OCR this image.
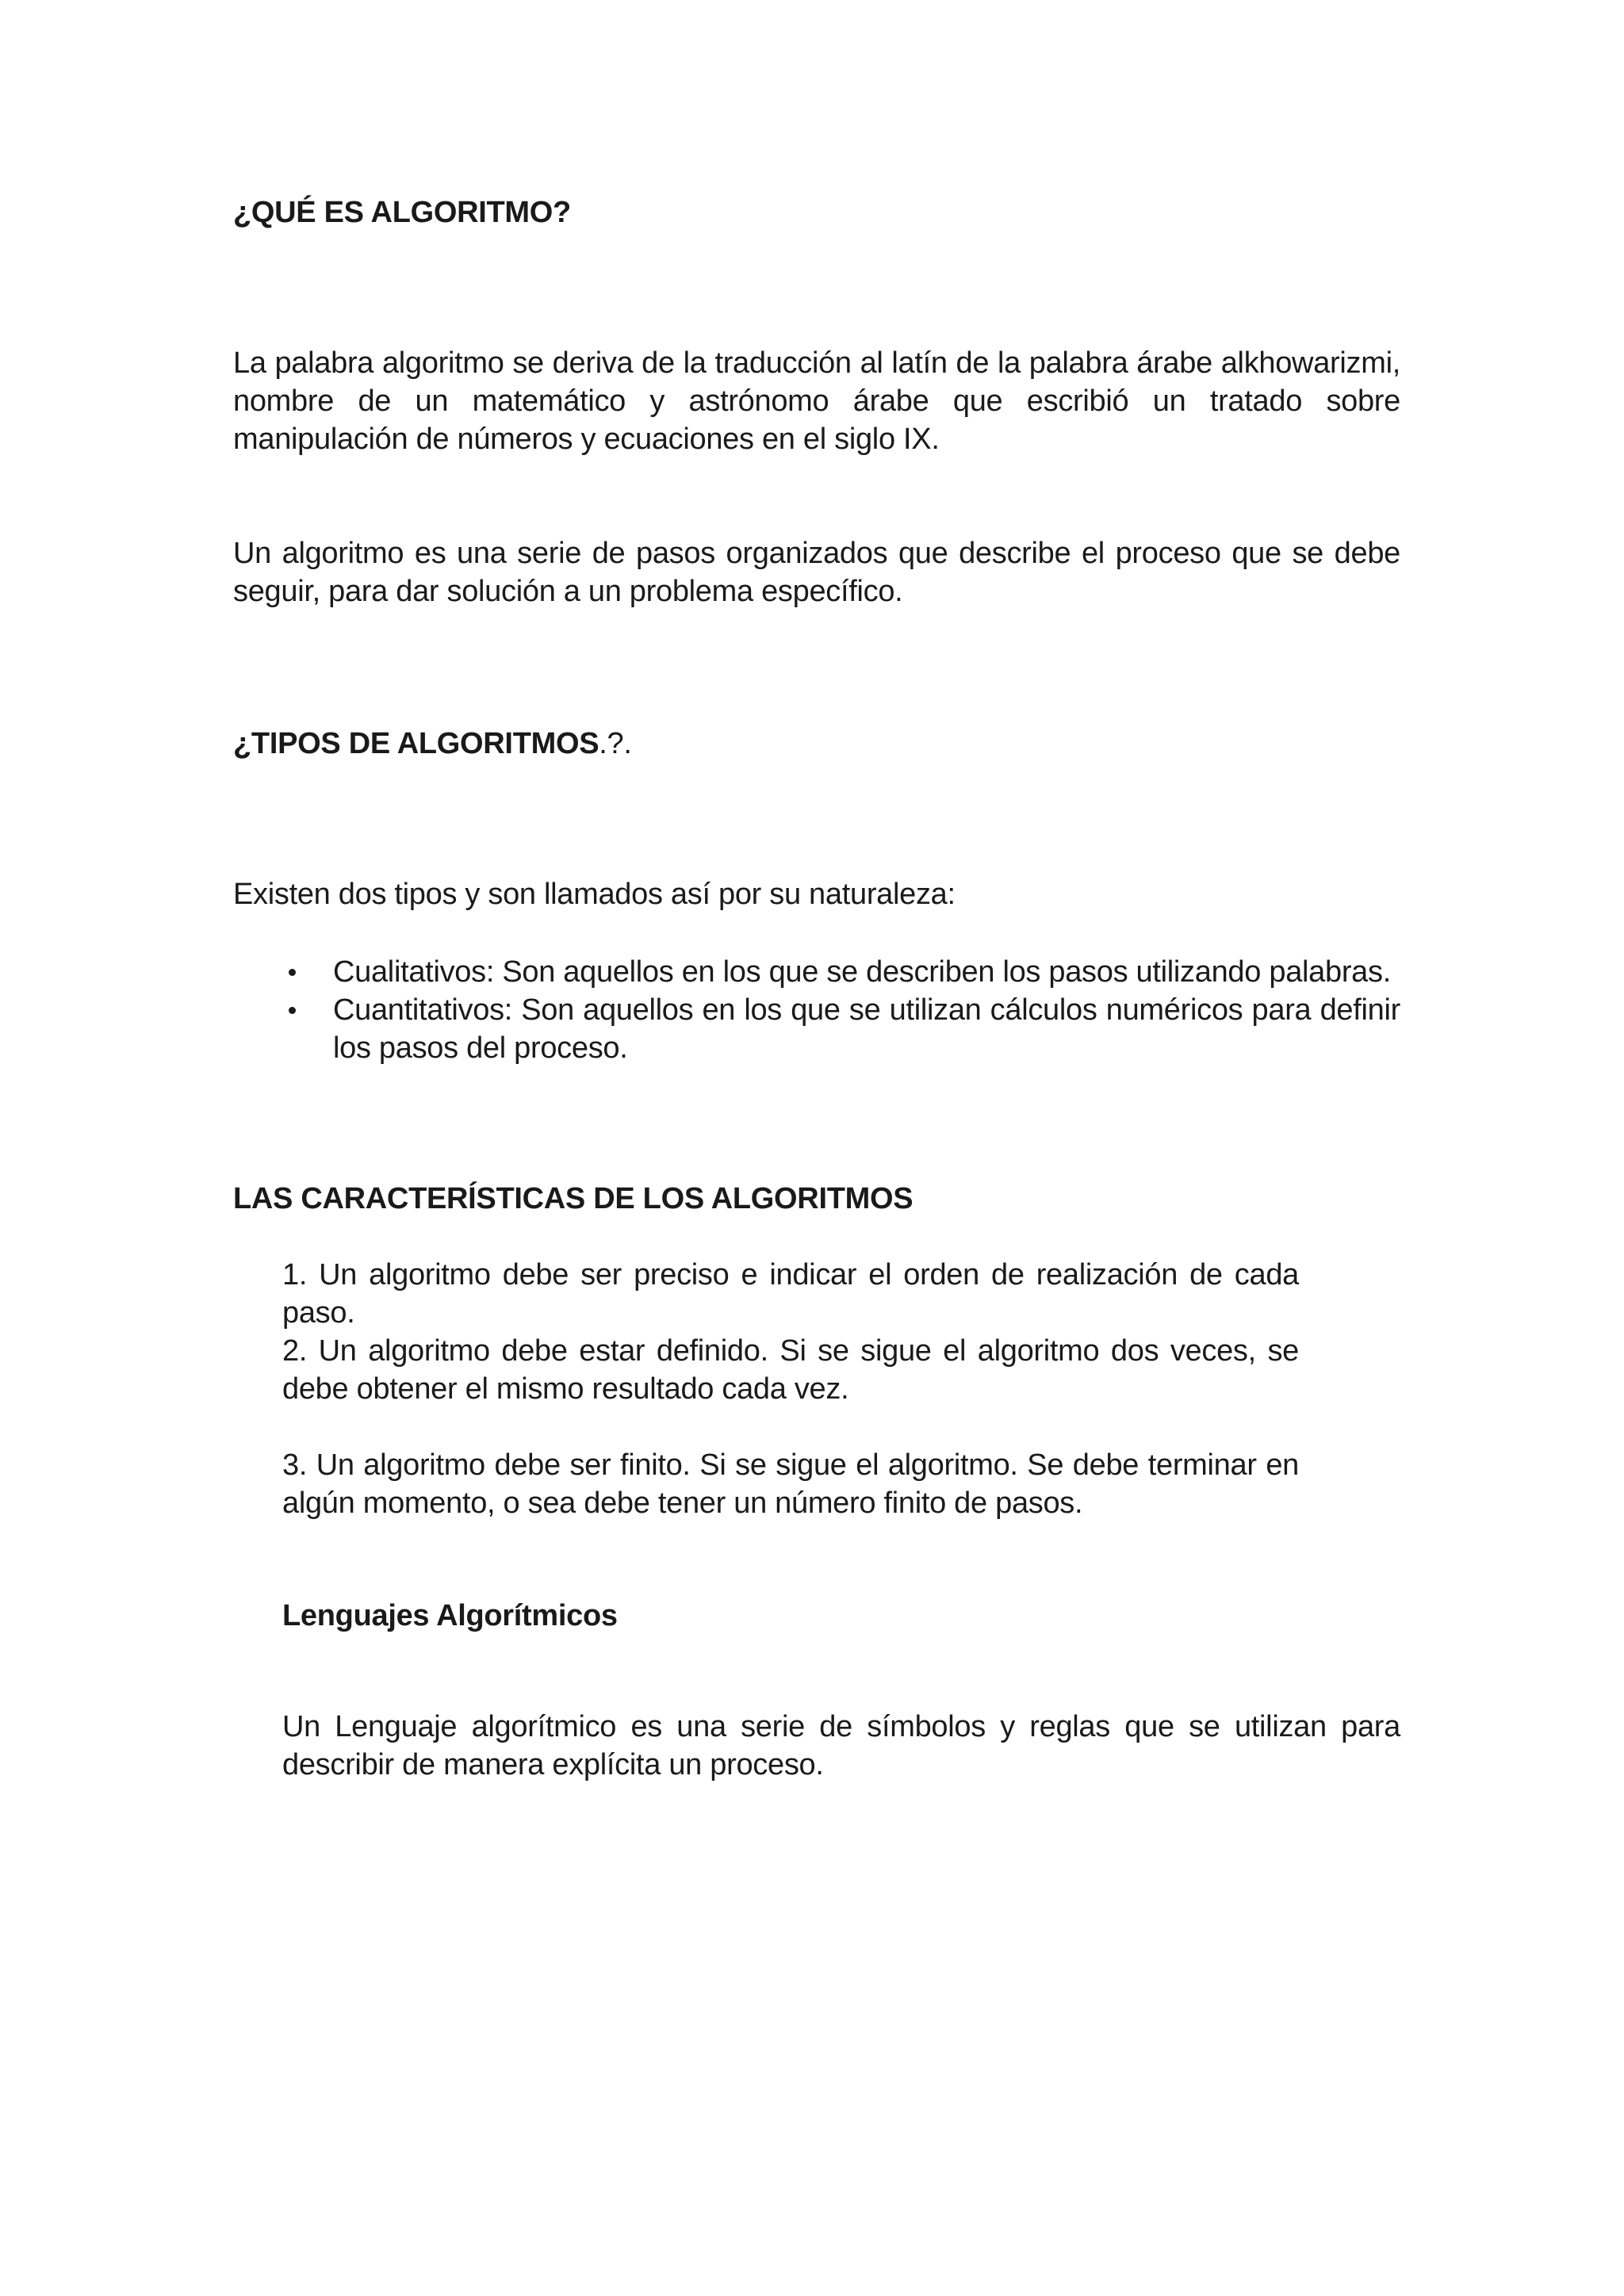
¿QUÉ ES ALGORITMO?

La palabra algoritmo se deriva de la traducción al latín de la palabra árabe alkhowarizmi, nombre de un matemático y astrónomo árabe que escribió un tratado sobre manipulación de números y ecuaciones en el siglo IX.

Un algoritmo es una serie de pasos organizados que describe el proceso que se debe seguir, para dar solución a un problema específico.

¿TIPOS DE ALGORITMOS.?.

Existen dos tipos y son llamados así por su naturaleza:

Cualitativos: Son aquellos en los que se describen los pasos utilizando palabras.
Cuantitativos: Son aquellos en los que se utilizan cálculos numéricos para definir los pasos del proceso.
LAS CARACTERÍSTICAS DE LOS ALGORITMOS

1. Un algoritmo debe ser preciso e indicar el orden de realización de cada paso.

2. Un algoritmo debe estar definido. Si se sigue el algoritmo dos veces, se debe obtener el mismo resultado cada vez.

3. Un algoritmo debe ser finito. Si se sigue el algoritmo. Se debe terminar en algún momento, o sea debe tener un número finito de pasos.

Lenguajes Algorítmicos

Un Lenguaje algorítmico es una serie de símbolos y reglas que se utilizan para describir de manera explícita un proceso.
